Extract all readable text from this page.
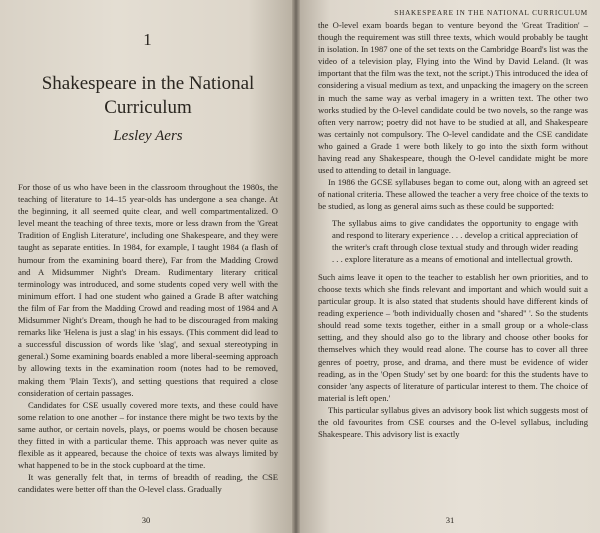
1
Shakespeare in the National Curriculum
Lesley Aers

For those of us who have been in the classroom throughout the 1980s, the teaching of literature to 14–15 year-olds has undergone a sea change. At the beginning, it all seemed quite clear, and well compartmentalized. O level meant the teaching of three texts, more or less drawn from the 'Great Tradition of English Literature', including one Shakespeare, and they were taught as separate entities. In 1984, for example, I taught 1984 (a flash of humour from the examining board there), Far from the Madding Crowd and A Midsummer Night's Dream. Rudimentary literary critical terminology was introduced, and some students coped very well with the minimum effort. I had one student who gained a Grade B after watching the film of Far from the Madding Crowd and reading most of 1984 and A Midsummer Night's Dream, though he had to be discouraged from making remarks like 'Helena is just a slag' in his essays. (This comment did lead to a successful discussion of words like 'slag', and sexual stereotyping in general.) Some examining boards enabled a more liberal-seeming approach by allowing texts in the examination room (notes had to be removed, making them 'Plain Texts'), and setting questions that required a close consideration of certain passages.

Candidates for CSE usually covered more texts, and these could have some relation to one another – for instance there might be two texts by the same author, or certain novels, plays, or poems would be chosen because they fitted in with a particular theme. This approach was never quite as flexible as it appeared, because the choice of texts was always limited by what happened to be in the stock cupboard at the time.

It was generally felt that, in terms of breadth of reading, the CSE candidates were better off than the O-level class. Gradually

30
SHAKESPEARE IN THE NATIONAL CURRICULUM

the O-level exam boards began to venture beyond the 'Great Tradition' – though the requirement was still three texts, which would probably be taught in isolation. In 1987 one of the set texts on the Cambridge Board's list was the video of a television play, Flying into the Wind by David Leland. (It was important that the film was the text, not the script.) This introduced the idea of considering a visual medium as text, and unpacking the imagery on the screen in much the same way as verbal imagery in a written text. The other two works studied by the O-level candidate could be two novels, so the range was often very narrow; poetry did not have to be studied at all, and Shakespeare was certainly not compulsory. The O-level candidate and the CSE candidate who gained a Grade 1 were both likely to go into the sixth form without having read any Shakespeare, though the O-level candidate might be more used to attending to detail in language.

In 1986 the GCSE syllabuses began to come out, along with an agreed set of national criteria. These allowed the teacher a very free choice of the texts to be studied, as long as general aims such as these could be supported:

The syllabus aims to give candidates the opportunity to engage with and respond to literary experience . . . develop a critical appreciation of the writer's craft through close textual study and through wider reading . . . explore literature as a means of emotional and intellectual growth.

Such aims leave it open to the teacher to establish her own priorities, and to choose texts which she finds relevant and important and which would suit a particular group. It is also stated that students should have different kinds of reading experience – 'both individually chosen and "shared" '. So the students should read some texts together, either in a small group or a whole-class setting, and they should also go to the library and choose other books for themselves which they would read alone. The course has to cover all three genres of poetry, prose, and drama, and there must be evidence of wider reading, as in the 'Open Study' set by one board: for this the students have to consider 'any aspects of literature of particular interest to them. The choice of material is left open.'

This particular syllabus gives an advisory book list which suggests most of the old favourites from CSE courses and the O-level syllabus, including Shakespeare. This advisory list is exactly

31
